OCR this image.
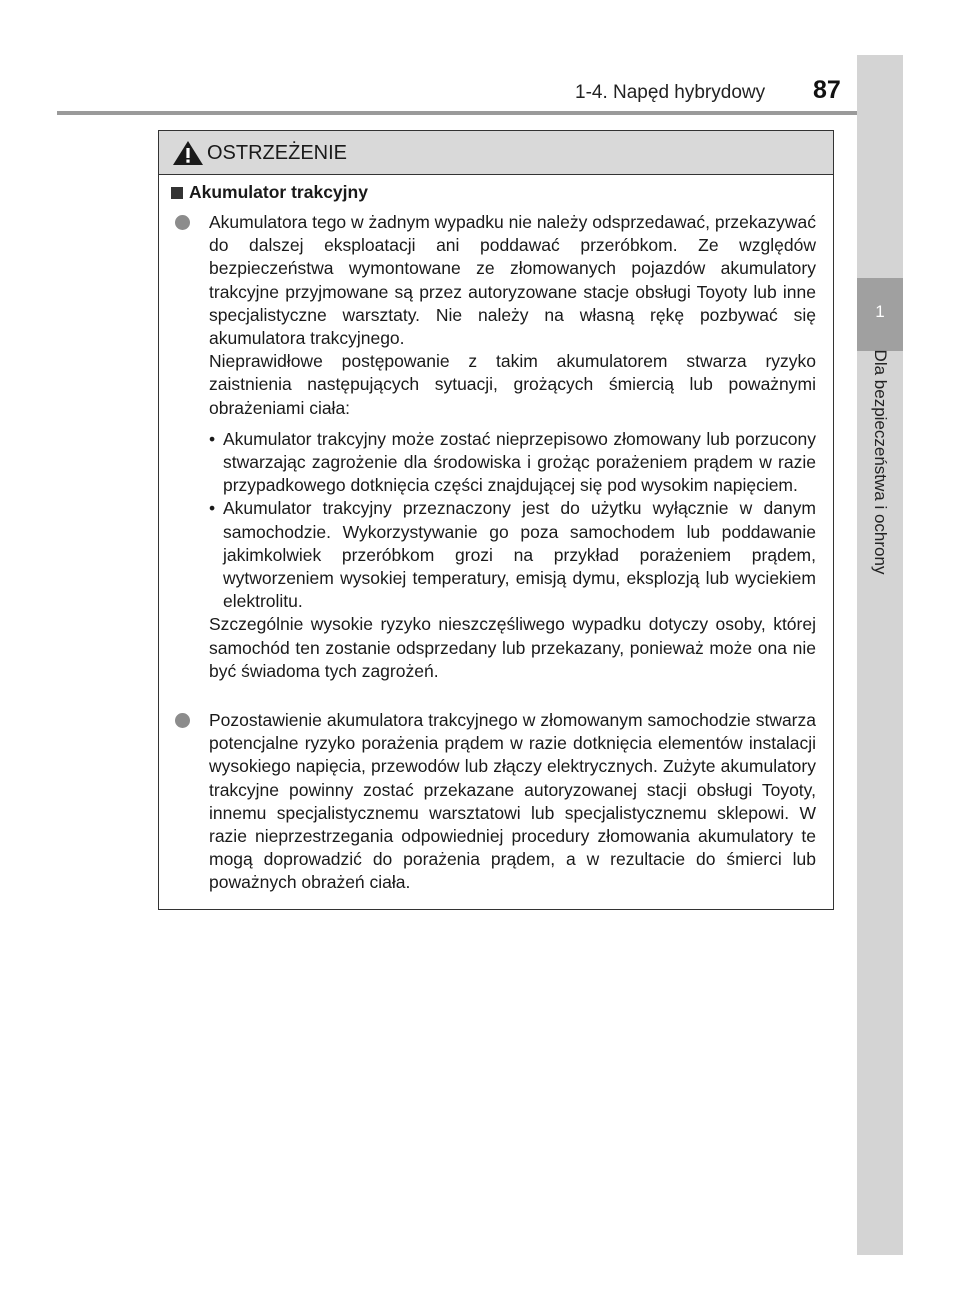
1-4. Napęd hybrydowy 87
1
Dla bezpieczeństwa i ochrony
OSTRZEŻENIE
Akumulator trakcyjny

Akumulatora tego w żadnym wypadku nie należy odsprzedawać, przekazywać do dalszej eksploatacji ani poddawać przeróbkom. Ze względów bezpieczeństwa wymontowane ze złomowanych pojazdów akumulatory trakcyjne przyjmowane są przez autoryzowane stacje obsługi Toyoty lub inne specjalistyczne warsztaty. Nie należy na własną rękę pozbywać się akumulatora trakcyjnego.

Nieprawidłowe postępowanie z takim akumulatorem stwarza ryzyko zaistnienia następujących sytuacji, grożących śmiercią lub poważnymi obrażeniami ciała:

• Akumulator trakcyjny może zostać nieprzepisowo złomowany lub porzucony stwarzając zagrożenie dla środowiska i grożąc porażeniem prądem w razie przypadkowego dotknięcia części znajdującej się pod wysokim napięciem.

• Akumulator trakcyjny przeznaczony jest do użytku wyłącznie w danym samochodzie. Wykorzystywanie go poza samochodem lub poddawanie jakimkolwiek przeróbkom grozi na przykład porażeniem prądem, wytworzeniem wysokiej temperatury, emisją dymu, eksplozją lub wyciekiem elektrolitu.

Szczególnie wysokie ryzyko nieszczęśliwego wypadku dotyczy osoby, której samochód ten zostanie odsprzedany lub przekazany, ponieważ może ona nie być świadoma tych zagrożeń.

Pozostawienie akumulatora trakcyjnego w złomowanym samochodzie stwarza potencjalne ryzyko porażenia prądem w razie dotknięcia elementów instalacji wysokiego napięcia, przewodów lub złączy elektrycznych. Zużyte akumulatory trakcyjne powinny zostać przekazane autoryzowanej stacji obsługi Toyoty, innemu specjalistycznemu warsztatowi lub specjalistycznemu sklepowi. W razie nieprzestrzegania odpowiedniej procedury złomowania akumulatory te mogą doprowadzić do porażenia prądem, a w rezultacie do śmierci lub poważnych obrażeń ciała.
